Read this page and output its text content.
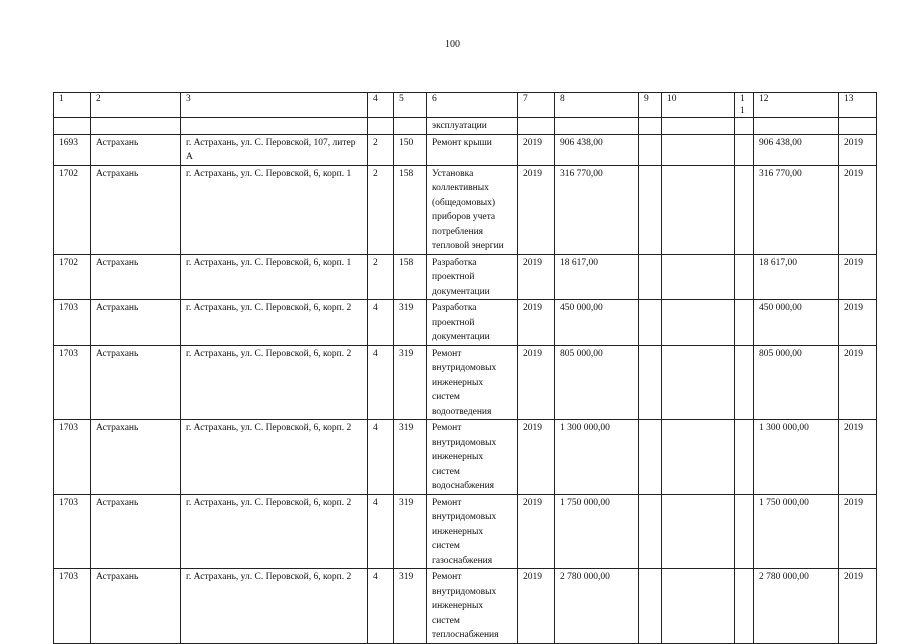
100
1	2	3	4	5	6	7	8	9	10	11	12	13
					эксплуатации							
1693	Астрахань	г. Астрахань, ул. С. Перовской, 107, литер А	2	150	Ремонт крыши	2019	906 438,00				906 438,00	2019
1702	Астрахань	г. Астрахань, ул. С. Перовской, 6, корп. 1	2	158	Установка коллективных (общедомовых) приборов учета потребления тепловой энергии	2019	316 770,00				316 770,00	2019
1702	Астрахань	г. Астрахань, ул. С. Перовской, 6, корп. 1	2	158	Разработка проектной документации	2019	18 617,00				18 617,00	2019
1703	Астрахань	г. Астрахань, ул. С. Перовской, 6, корп. 2	4	319	Разработка проектной документации	2019	450 000,00				450 000,00	2019
1703	Астрахань	г. Астрахань, ул. С. Перовской, 6, корп. 2	4	319	Ремонт внутридомовых инженерных систем водоотведения	2019	805 000,00				805 000,00	2019
1703	Астрахань	г. Астрахань, ул. С. Перовской, 6, корп. 2	4	319	Ремонт внутридомовых инженерных систем водоснабжения	2019	1 300 000,00				1 300 000,00	2019
1703	Астрахань	г. Астрахань, ул. С. Перовской, 6, корп. 2	4	319	Ремонт внутридомовых инженерных систем газоснабжения	2019	1 750 000,00				1 750 000,00	2019
1703	Астрахань	г. Астрахань, ул. С. Перовской, 6, корп. 2	4	319	Ремонт внутридомовых инженерных систем теплоснабжения	2019	2 780 000,00				2 780 000,00	2019
